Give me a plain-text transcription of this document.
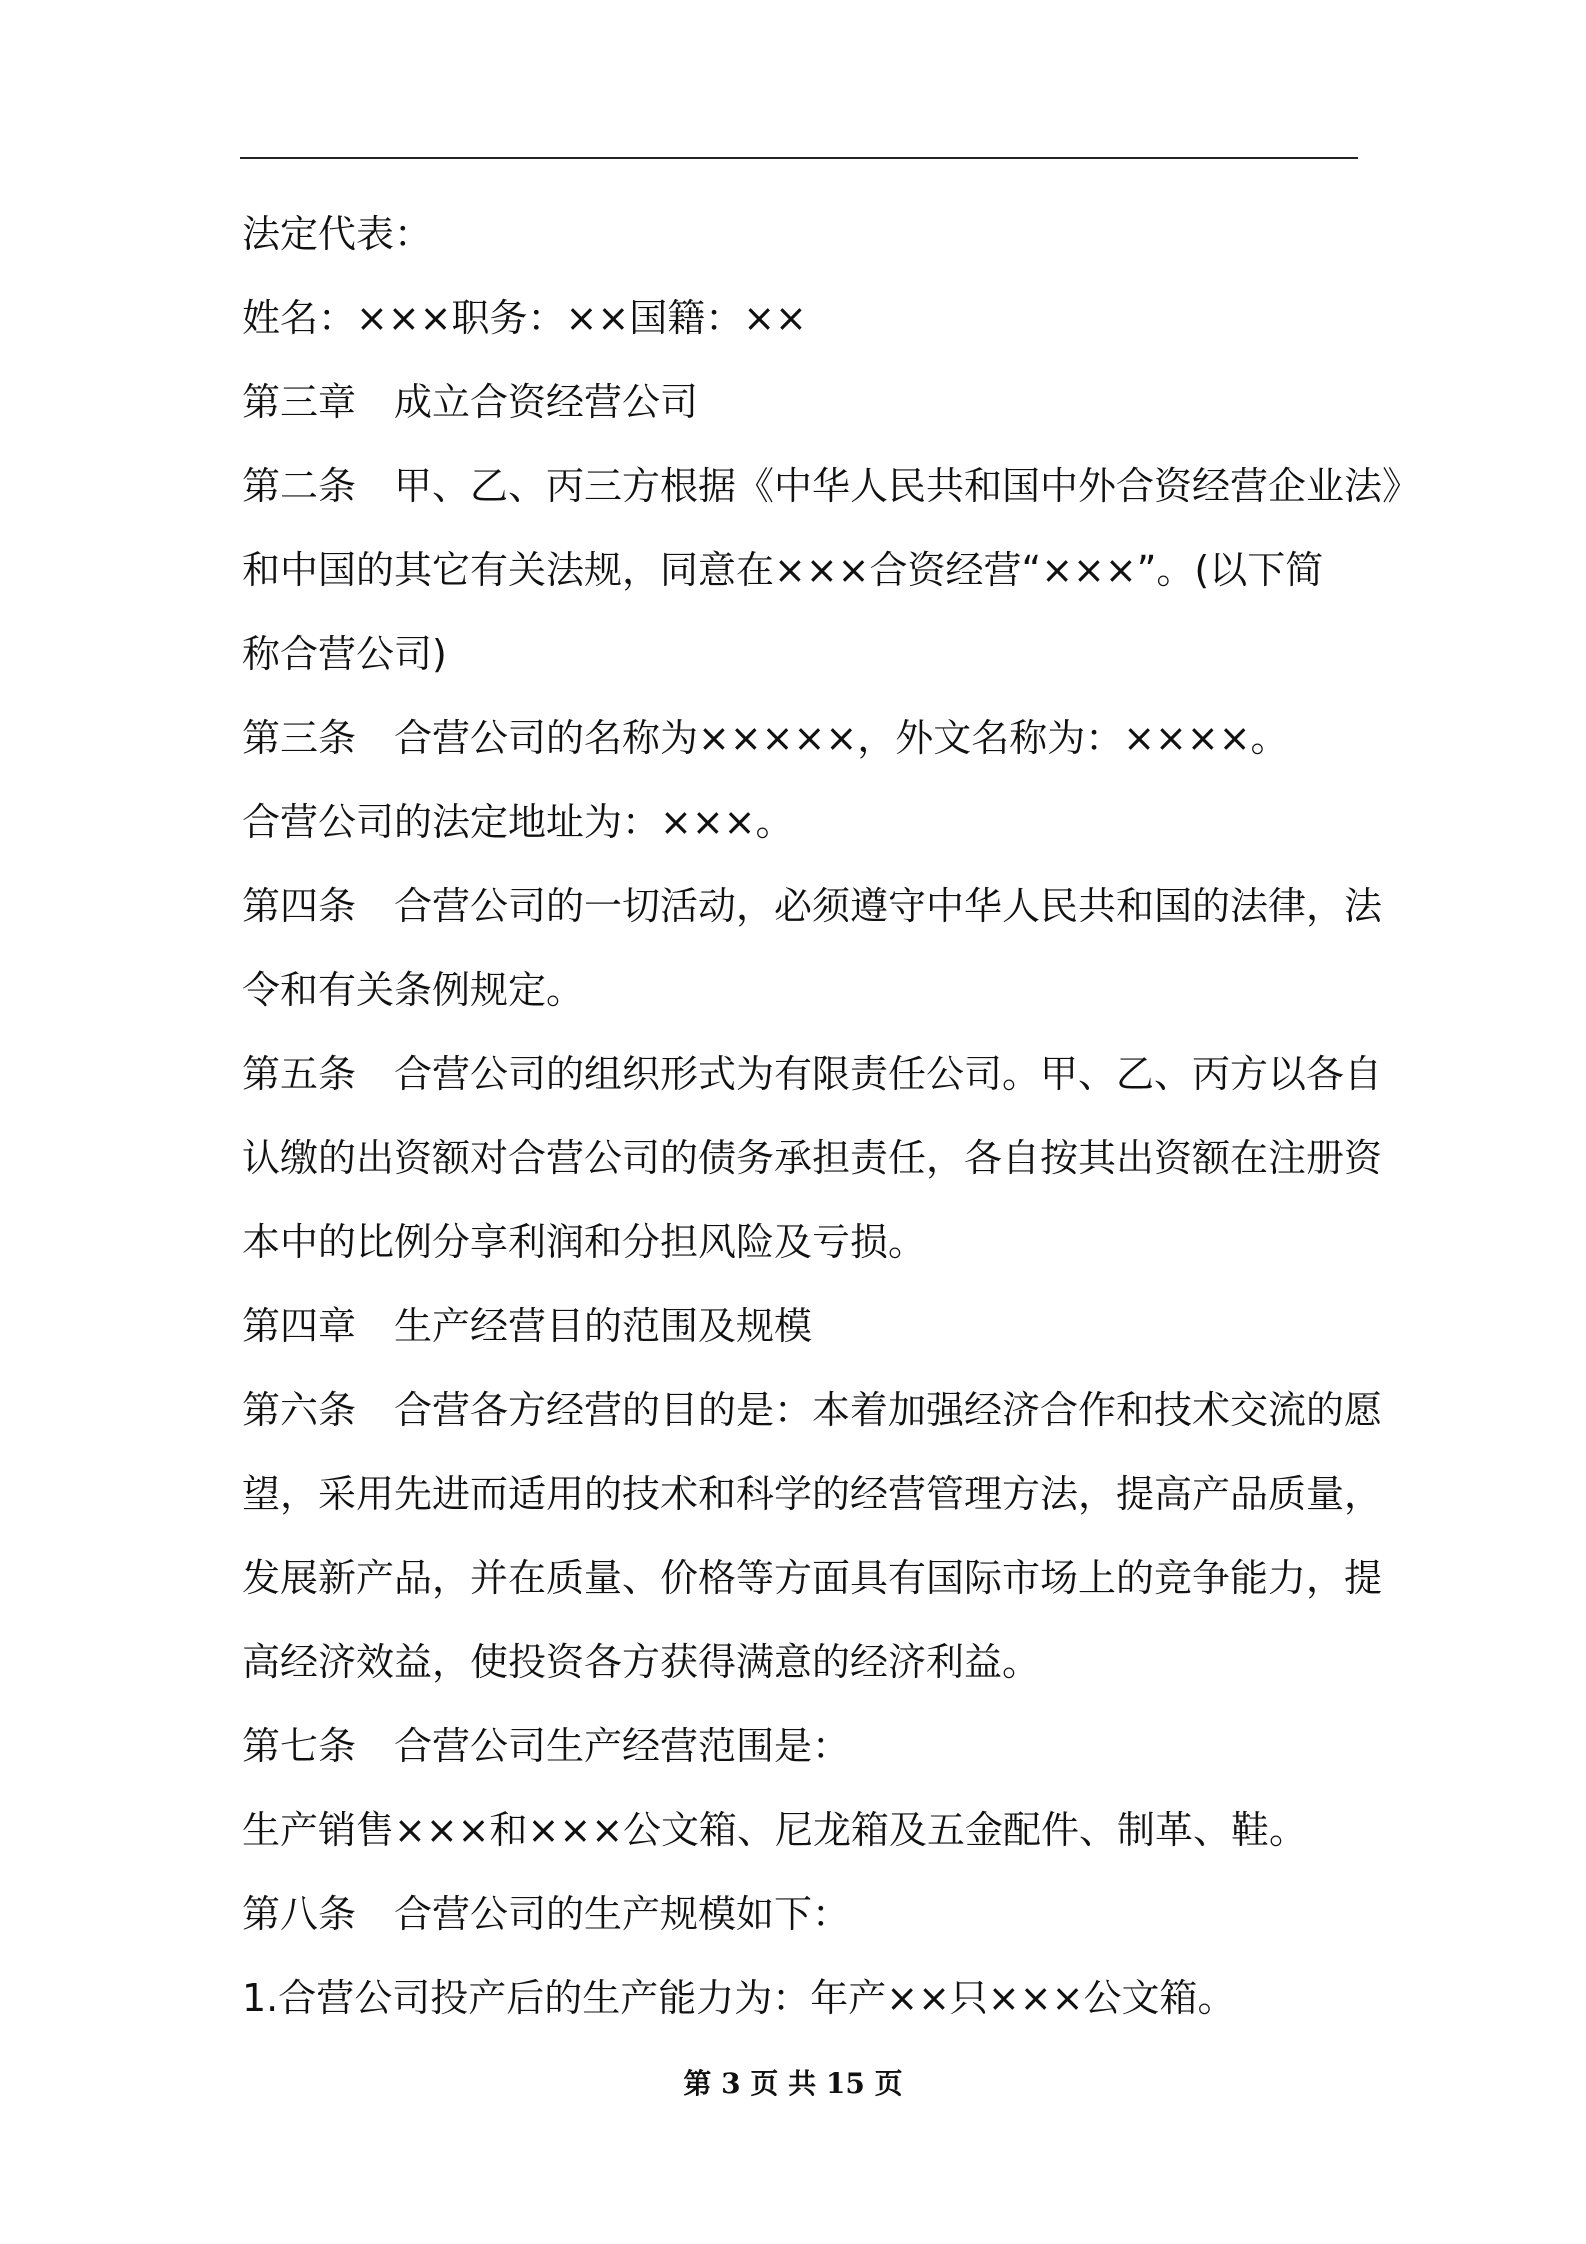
法定代表：
姓名：×××职务：××国籍：××
第三章　成立合资经营公司
第二条　甲、乙、丙三方根据《中华人民共和国中外合资经营企业法》
和中国的其它有关法规，同意在×××合资经营“×××”。(以下简
称合营公司)
第三条　合营公司的名称为×××××，外文名称为：××××。
合营公司的法定地址为：×××。
第四条　合营公司的一切活动，必须遵守中华人民共和国的法律，法
令和有关条例规定。
第五条　合营公司的组织形式为有限责任公司。甲、乙、丙方以各自
认缴的出资额对合营公司的债务承担责任，各自按其出资额在注册资
本中的比例分享利润和分担风险及亏损。
第四章　生产经营目的范围及规模
第六条　合营各方经营的目的是：本着加强经济合作和技术交流的愿
望，采用先进而适用的技术和科学的经营管理方法，提高产品质量，
发展新产品，并在质量、价格等方面具有国际市场上的竞争能力，提
高经济效益，使投资各方获得满意的经济利益。
第七条　合营公司生产经营范围是：
生产销售×××和×××公文箱、尼龙箱及五金配件、制革、鞋。
第八条　合营公司的生产规模如下：
1.合营公司投产后的生产能力为：年产××只×××公文箱。
第 3 页 共 15 页
